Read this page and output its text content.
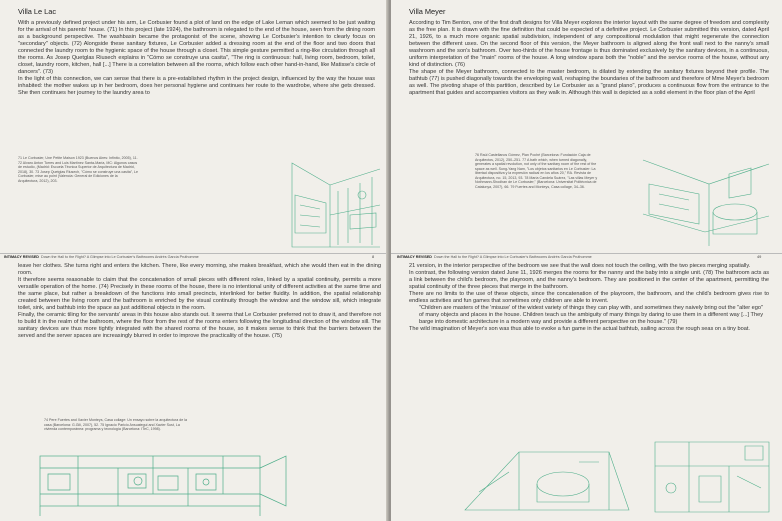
Villa Le Lac

With a previously defined project under his arm, Le Corbusier found a plot of land on the edge of Lake Leman which seemed to be just waiting for the arrival of his parents' house. (71) In this project (late 1924), the bathroom is relegated to the end of the house, seen from the dining room as a background perspective. The washbasin became the protagonist of the scene, showing Le Corbusier's intention to clearly focus on "secondary" objects. (72) Alongside these sanitary fixtures, Le Corbusier added a dressing room at the end of the floor and two doors that connected the laundry room to the hygienic space of the house through a closet. This simple gesture permitted a ring-like circulation through all the rooms. As Josep Quetglas Riusech explains in "Cómo se construye una casita", "The ring is continuous: hall, living room, bedroom, toilet, closet, laundry room, kitchen, hall [...] There is a correlation between all the rooms, which follow each other hand-in-hand, like Matisse's circle of dancers". (73)

In the light of this connection, we can sense that there is a pre-established rhythm in the project design, influenced by the way the house was inhabited: the mother wakes up in her bedroom, does her personal hygiene and continues her route to the wardrobe, where she gets dressed. She then continues her journey to the laundry area to

71 Le Corbusier, Une Petite Maison 1923 (Buenos Aires: Infinito, 2005), 11. 72 Alvaro Anton Torres and Luis Martínez Santa-María, MC: Algunos casos de estudio, (Madrid: Escuela Técnica Superior de Arquitectura de Madrid, 2018), 30. 73 Josep Quetglas Riusech, "Cómo se construye una casita", Le Corbusier, mise au point (Valencia: General de Ediciones de la Arquitectura, 2012), 203.

INTIMACY REVISED Down the Hall to the Right? A Glimpse into Le Corbusier's Bathrooms Andrés García Pruthomme	8

leave her clothes. She turns right and enters the kitchen. There, like every morning, she makes breakfast, which she would then eat in the dining room.

It therefore seems reasonable to claim that the concatenation of small pieces with different roles, linked by a spatial continuity, permits a more versatile operation of the home. (74) Precisely in these rooms of the house, there is no intentional unity of different activities at the same time and the same place, but rather a breakdown of the functions into small precincts, interlinked for better fluidity. In addition, the spatial relationship created between the living room and the bathroom is enriched by the visual continuity through the window and the window sill, which integrate toilet, sink, and bathtub into the space as just additional objects in the room.

Finally, the ceramic tiling for the servants' areas in this house also stands out. It seems that Le Corbusier preferred not to draw it, and therefore not to build it in the realm of the bathroom, where the floor from the rest of the rooms enters following the longitudinal direction of the window sill. The sanitary devices are thus more tightly integrated with the shared rooms of the house, so it makes sense to think that the barriers between the served and the server spaces are increasingly blurred in order to improve the practicality of the house. (75)

74 Pere Fuertes and Xavier Monteys, Casa collage: Un ensayo sobre la arquitectura de la casa (Barcelona: G.Gili, 2007), 52. 75 Ignacio Paricio Ansuategui and Xavier Sust, La vivienda contemporánea: programa y tecnología (Barcelona: ITeC, 1998).

Villa Meyer

According to Tim Benton, one of the first draft designs for Villa Meyer explores the interior layout with the same degree of freedom and complexity as the free plan. It is drawn with the fine definition that could be expected of a definitive project. Le Corbusier submitted this version, dated April 21, 1926, to a much more organic spatial subdivision, independent of any compositional modulation that might regenerate the connection between the different uses. On the second floor of this version, the Meyer bathroom is aligned along the front wall next to the nanny's small washroom and the son's bathroom. Over two-thirds of the house frontage is thus dominated exclusively by the sanitary devices, in a continuous, uniform interpretation of the "main" rooms of the house. A long window spans both the "noble" and the service rooms of the house, without any kind of distinction. (76)

The shape of the Meyer bathroom, connected to the master bedroom, is dilated by extending the sanitary fixtures beyond their profile. The bathtub (77) is pushed diagonally towards the enveloping wall, reshaping the boundaries of the bathroom and therefore of Mme Meyer's bedroom as well. The pivoting shape of this partition, described by Le Corbusier as a "grand plano", produces a continuous flow from the entrance to the apartment that guides and accompanies visitors as they walk in. Although this wall is depicted as a solid element in the floor plan of the April

76 Raúl Castellanos Gómez, Plan Poché (Barcelona: Fundación Caja de Arquitectos, 2012), 250–251. 77 A bath which, when turned diagonally, generates a spatial revolution, not only of the sanitary room of the rest of the space as well. Sung-Yang Nam, "Los objetos sanitarios en Le Corbusier: La libertad dispositiva y la expresión radical en los años 20," RA. Revista de Arquitectura, no. 15, 2013, 93. 78 María Candela Suárez, "Las villas Meyer y Nothmann-Shodhan de Le Corbusier," (Barcelona: Universitat Politècnica de Catalunya, 2007), 66. 79 Fuertes and Monteys, Casa collage, 34–36.

INTIMACY REVISED Down the Hall to the Right? A Glimpse into Le Corbusier's Bathrooms Andrés García Pruthomme	49

21 version, in the interior perspective of the bedroom we see that the wall does not touch the ceiling, with the two pieces merging spatially.

In contrast, the following version dated June 11, 1926 merges the rooms for the nanny and the baby into a single unit. (78) The bathroom acts as a link between the child's bedroom, the playroom, and the nanny's bedroom. They are positioned in the center of the apartment, permitting the spatial continuity of the three pieces that merge in the bathroom.

There are no limits to the use of these objects, since the concatenation of the playroom, the bathroom, and the child's bedroom gives rise to endless activities and fun games that sometimes only children are able to invent.

"Children are masters of the 'misuse' of the widest variety of things they can play with, and sometimes they naively bring out the "alter ego" of many objects and places in the house. Children teach us the ambiguity of many things by daring to use them in a different way [...] They barge into domestic architecture in a modern way and provide a different perspective on the house." (79)

The wild imagination of Meyer's son was thus able to evoke a fun game in the actual bathtub, sailing across the rough seas on a tiny boat.
